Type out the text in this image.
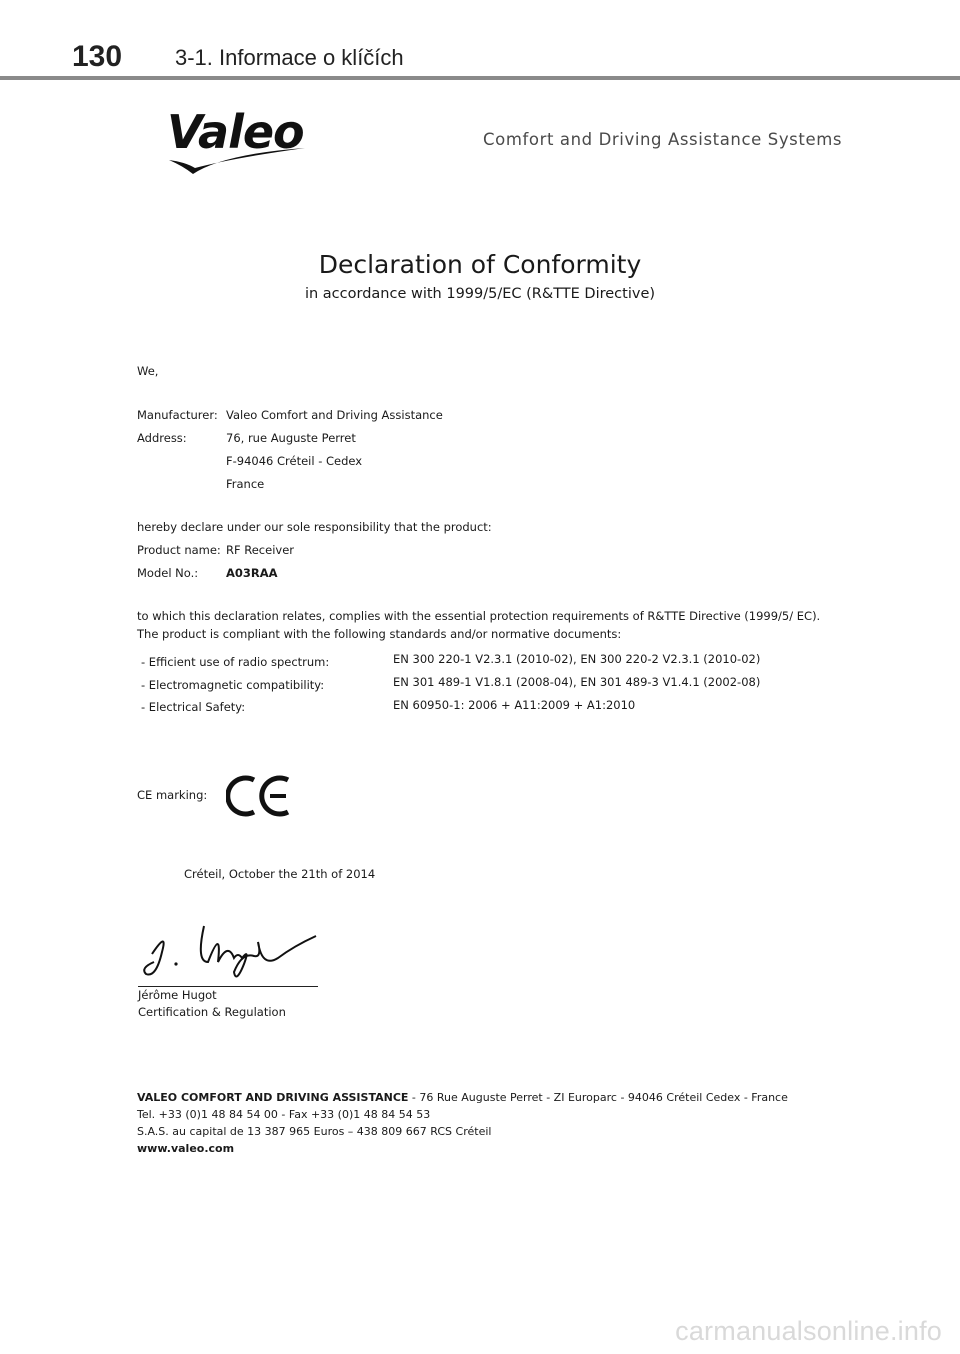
130 3-1. Informace o klíčích
Valeo	Comfort and Driving Assistance Systems
Declaration of Conformity
in accordance with 1999/5/EC (R&TTE Directive)
We,
Manufacturer: Valeo Comfort and Driving Assistance
Address:	76, rue Auguste Perret
F-94046 Créteil - Cedex
France
hereby declare under our sole responsibility that the product:
Product name: RF Receiver
Model No.: A03RAA
to which this declaration relates, complies with the essential protection requirements of R&TTE Directive (1999/5/ EC).
The product is compliant with the following standards and/or normative documents:
- Efficient use of radio spectrum:	EN 300 220-1 V2.3.1 (2010-02), EN 300 220-2 V2.3.1 (2010-02)
- Electromagnetic compatibility:	EN 301 489-1 V1.8.1 (2008-04), EN 301 489-3 V1.4.1 (2002-08)
- Electrical Safety:	EN 60950-1: 2006 + A11:2009 + A1:2010
CE marking:
Créteil, October the 21th of 2014
Jérôme Hugot
Certification & Regulation
VALEO COMFORT AND DRIVING ASSISTANCE - 76 Rue Auguste Perret - ZI Europarc - 94046 Créteil Cedex - France
Tel. +33 (0)1 48 84 54 00 - Fax +33 (0)1 48 84 54 53
S.A.S. au capital de 13 387 965 Euros – 438 809 667 RCS Créteil
www.valeo.com
carmanualsonline.info
